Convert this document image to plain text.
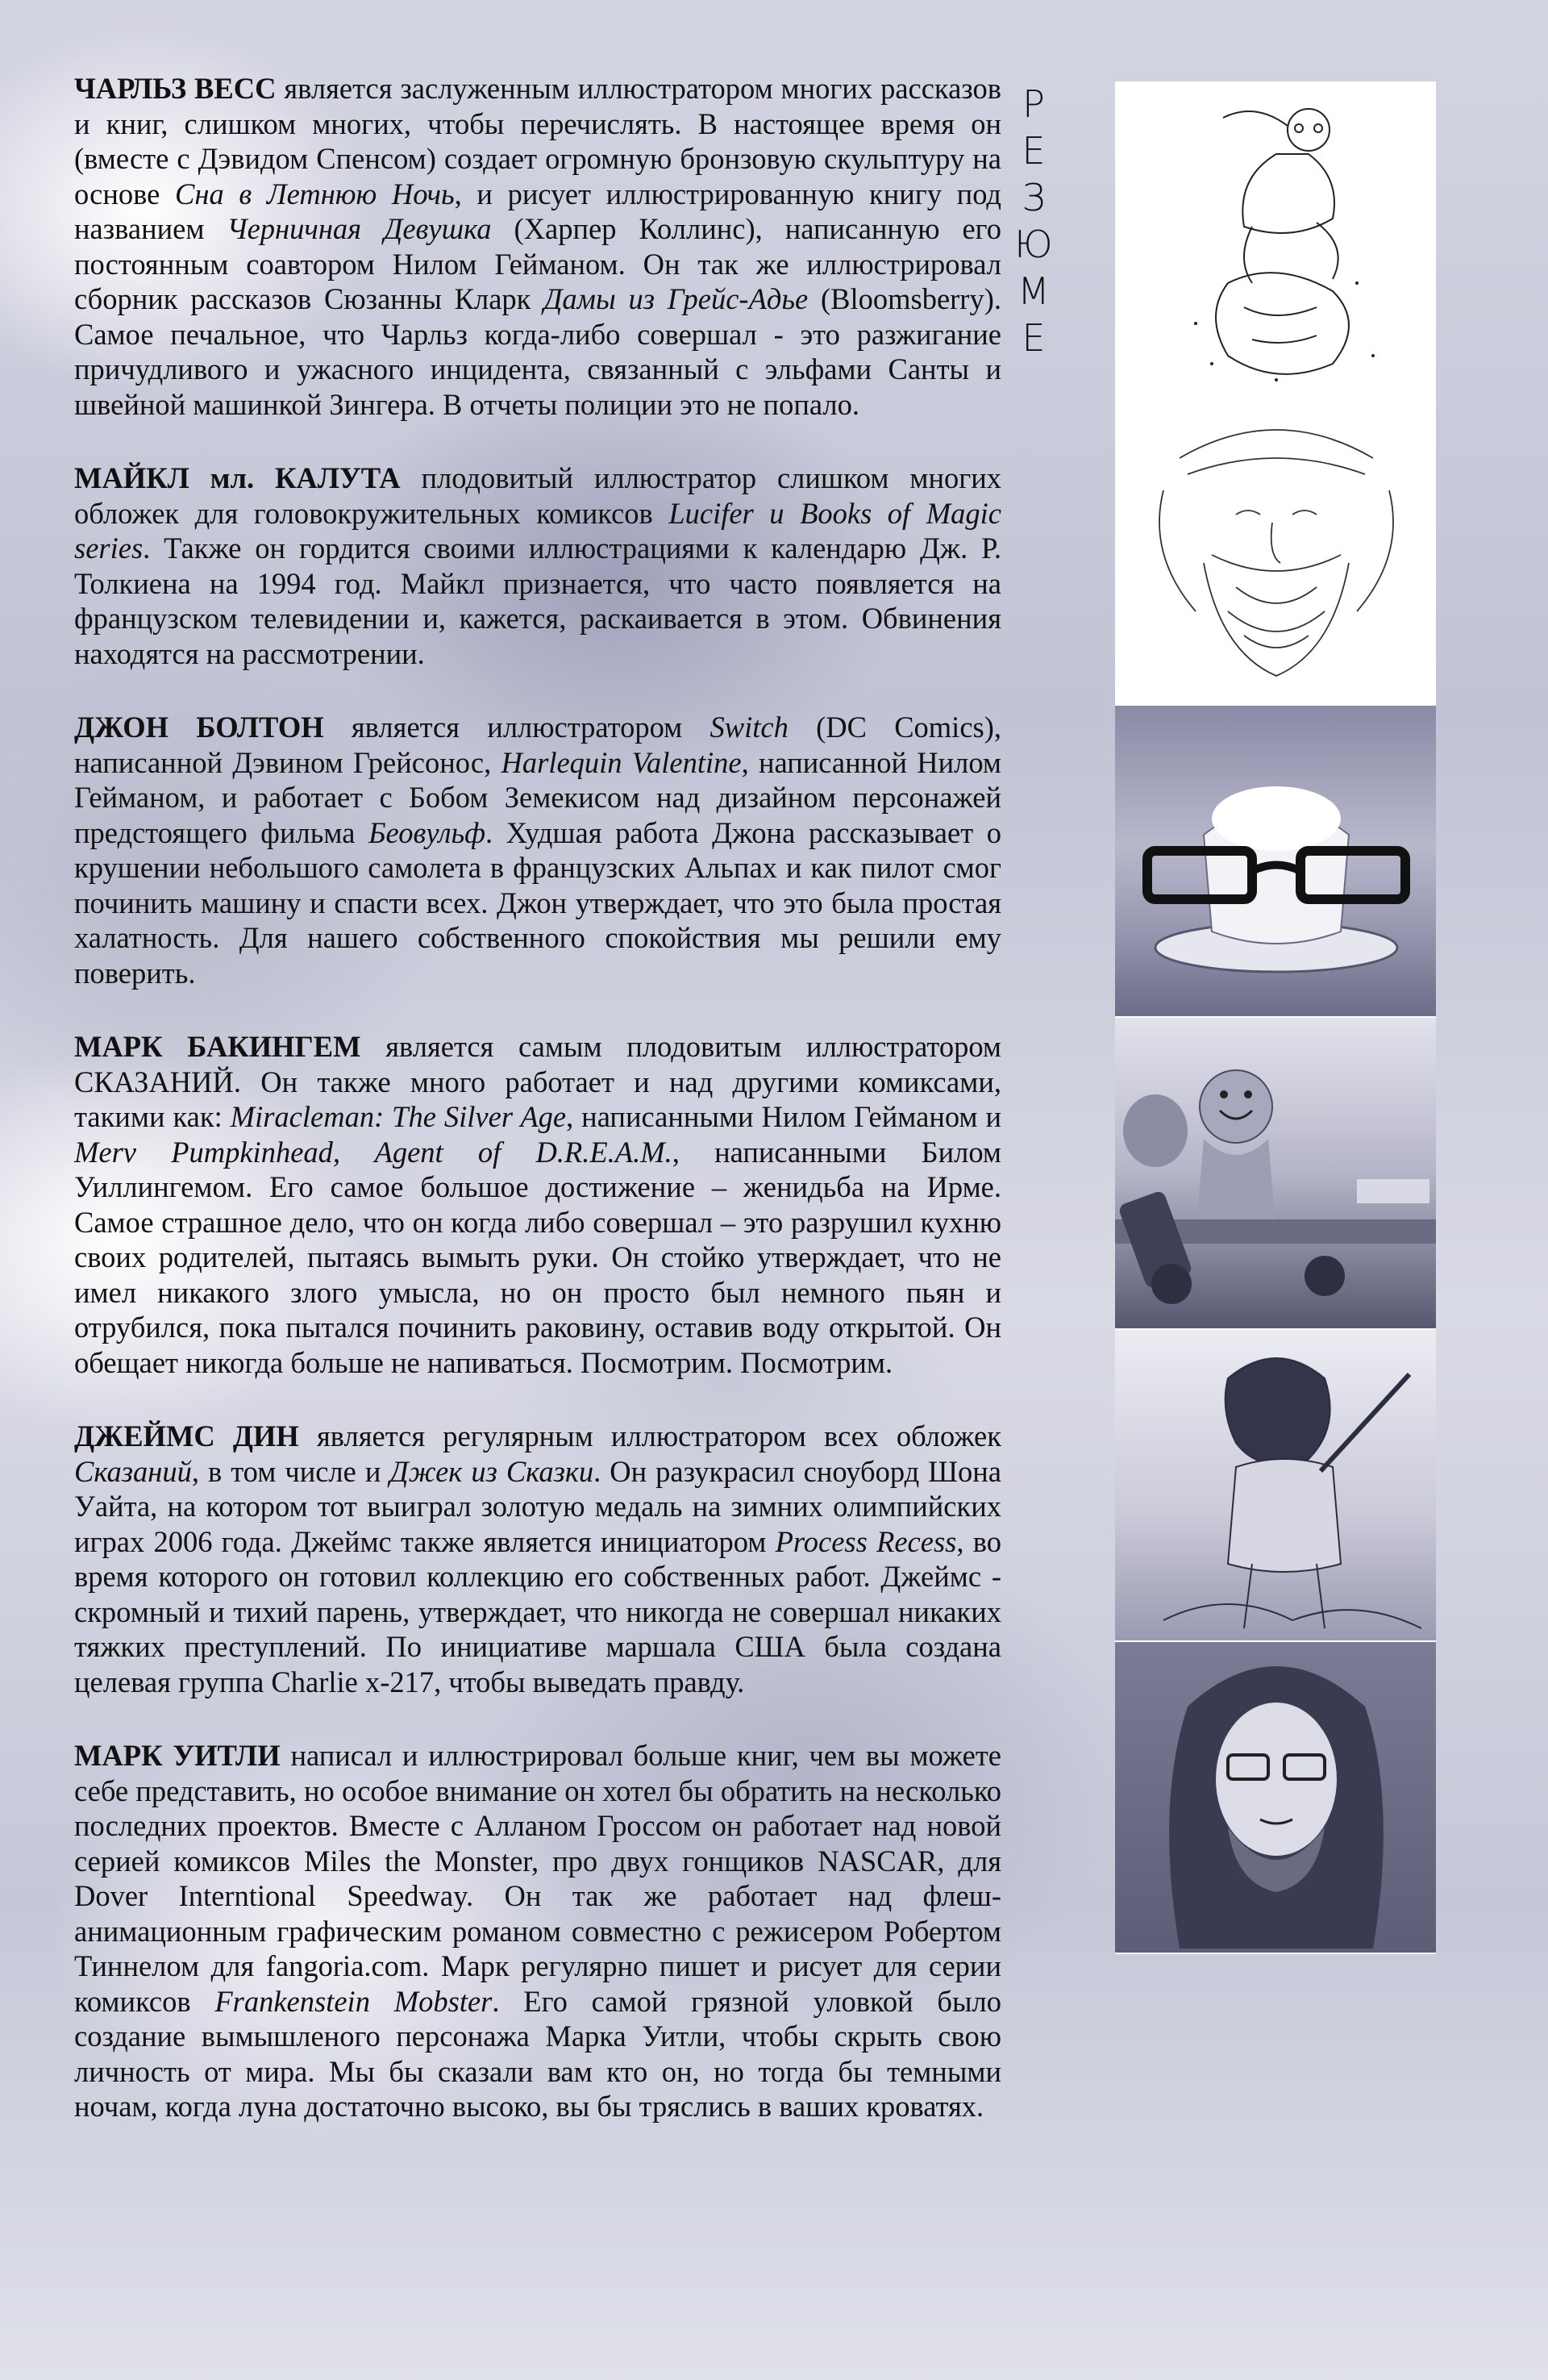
ЧАРЛЬЗ ВЕСС является заслуженным иллюстратором многих рассказов и книг, слишком многих, чтобы перечислять. В настоящее время он (вместе с Дэвидом Спенсом) создает огромную бронзовую скульптуру на основе Сна в Летнюю Ночь, и рисует иллюстрированную книгу под названием Черничная Девушка (Харпер Коллинс), написанную его постоянным соавтором Нилом Гейманом. Он так же иллюстрировал сборник рассказов Сюзанны Кларк Дамы из Грейс-Адье (Bloomsberry). Самое печальное, что Чарльз когда-либо совершал - это разжигание причудливого и ужасного инцидента, связанный с эльфами Санты и швейной машинкой Зингера. В отчеты полиции это не попало.

МАЙКЛ мл. КАЛУТА плодовитый иллюстратор слишком многих обложек для головокружительных комиксов Lucifer и Books of Magic series. Также он гордится своими иллюстрациями к календарю Дж. Р. Толкиена на 1994 год. Майкл признается, что часто появляется на французском телевидении и, кажется, раскаивается в этом. Обвинения находятся на рассмотрении.

ДЖОН БОЛТОН является иллюстратором Switch (DC Comics), написанной Дэвином Грейсонос, Harlequin Valentine, написанной Нилом Гейманом, и работает с Бобом Земекисом над дизайном персонажей предстоящего фильма Беовульф. Худшая работа Джона рассказывает о крушении небольшого самолета в французских Альпах и как пилот смог починить машину и спасти всех. Джон утверждает, что это была простая халатность. Для нашего собственного спокойствия мы решили ему поверить.

МАРК БАКИНГЕМ является самым плодовитым иллюстратором СКАЗАНИЙ. Он также много работает и над другими комиксами, такими как: Miracleman: The Silver Age, написанными Нилом Гейманом и Merv Pumpkinhead, Agent of D.R.E.A.M., написанными Билом Уиллингемом. Его самое большое достижение – женидьба на Ирме. Самое страшное дело, что он когда либо совершал – это разрушил кухню своих родителей, пытаясь вымыть руки. Он стойко утверждает, что не имел никакого злого умысла, но он просто был немного пьян и отрубился, пока пытался починить раковину, оставив воду открытой. Он обещает никогда больше не напиваться. Посмотрим. Посмотрим.

ДЖЕЙМС ДИН является регулярным иллюстратором всех обложек Сказаний, в том числе и Джек из Сказки. Он разукрасил сноуборд Шона Уайта, на котором тот выиграл золотую медаль на зимних олимпийских играх 2006 года. Джеймс также является инициатором Process Recess, во время которого он готовил коллекцию его собственных работ. Джеймс - скромный и тихий парень, утверждает, что никогда не совершал никаких тяжких преступлений. По инициативе маршала США была создана целевая группа Charlie x-217, чтобы выведать правду.

МАРК УИТЛИ написал и иллюстрировал больше книг, чем вы можете себе представить, но особое внимание он хотел бы обратить на несколько последних проектов. Вместе с Алланом Гроссом он работает над новой серией комиксов Miles the Monster, про двух гонщиков NASCAR, для Dover Interntional Speedway. Он так же работает над флеш-анимационным графическим романом совместно с режисером Робертом Тиннелом для fangoria.com. Марк регулярно пишет и рисует для серии комиксов Frankenstein Mobster. Его самой грязной уловкой было создание вымышленого персонажа Марка Уитли, чтобы скрыть свою личность от мира. Мы бы сказали вам кто он, но тогда бы темными ночам, когда луна достаточно высоко, вы бы тряслись в ваших кроватях.

Р
Е
З
Ю
М
Е
